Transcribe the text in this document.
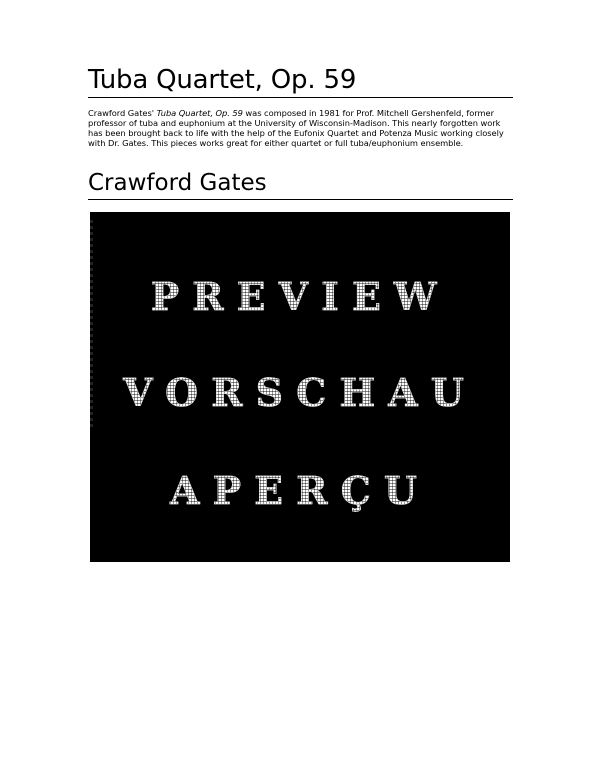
Tuba Quartet, Op. 59

Crawford Gates' Tuba Quartet, Op. 59 was composed in 1981 for Prof. Mitchell Gershenfeld, former professor of tuba and euphonium at the University of Wisconsin-Madison. This nearly forgotten work has been brought back to life with the help of the Eufonix Quartet and Potenza Music working closely with Dr. Gates. This pieces works great for either quartet or full tuba/euphonium ensemble.

Crawford Gates
PREVIEW
VORSCHAU
APERÇU
